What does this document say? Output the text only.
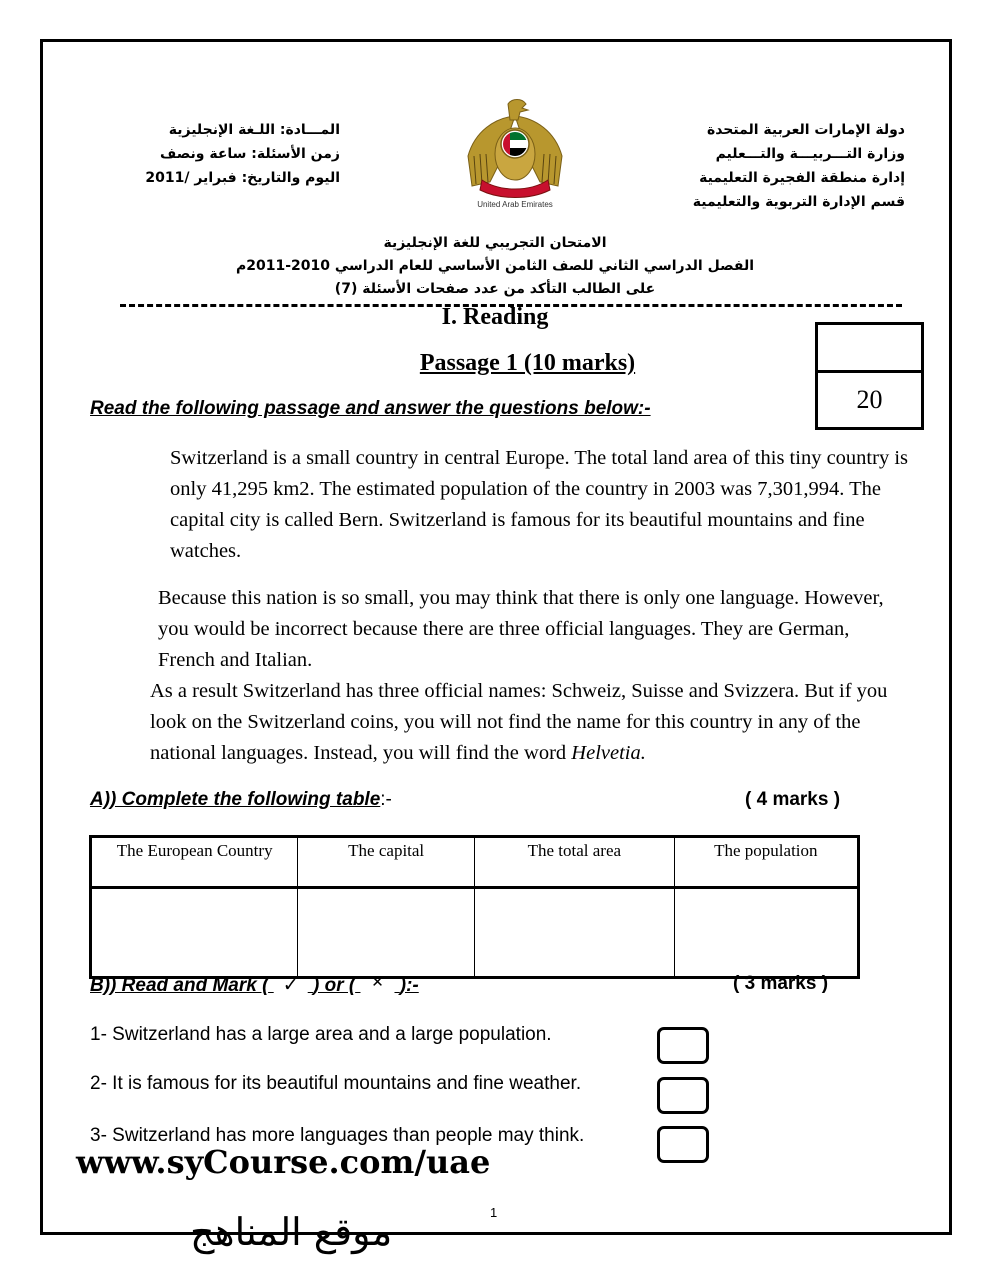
المـــادة: اللـغة الإنجليزية
زمن الأسئلة: ساعة ونصف
اليوم والتاريخ: فبراير /2011
United Arab Emirates
دولة الإمارات العربية المتحدة
وزارة التـــربيـــة والتـــعليم
إدارة منطقة الفجيرة التعليمية
قسم الإدارة التربوية والتعليمية
الامتحان التجريبي للغة الإنجليزية
الفصل الدراسي الثاني للصف الثامن الأساسي للعام الدراسي 2010-2011م
على الطالب التأكد من عدد صفحات الأسئلة (7)
I. Reading
Passage 1 (10 marks)
20
Read the following passage and answer the questions below:-
Switzerland is a small country in central Europe. The total land area of this tiny country is only 41,295 km2. The estimated population of the country in 2003 was 7,301,994. The capital city is called Bern. Switzerland is famous for its beautiful mountains and fine watches.
Because this nation is so small, you may think that there is only one language. However, you would be incorrect because there are three official languages. They are German, French and Italian.
As a result Switzerland has three official names: Schweiz, Suisse and Svizzera. But if you look on the Switzerland coins, you will not find the name for this country in any of the national languages. Instead, you will find the word Helvetia.
A)) Complete the following table:-	( 4 marks )
The European Country	The capital	The total area	The population

B)) Read and Mark ( ✓ ) or ( ✕ ):-	( 3 marks )
1- Switzerland has a large area and a large population.
2- It is famous for its beautiful mountains and fine weather.
3- Switzerland has more languages than people may think.
www.syCourse.com/uae
1
موقع المناهج
